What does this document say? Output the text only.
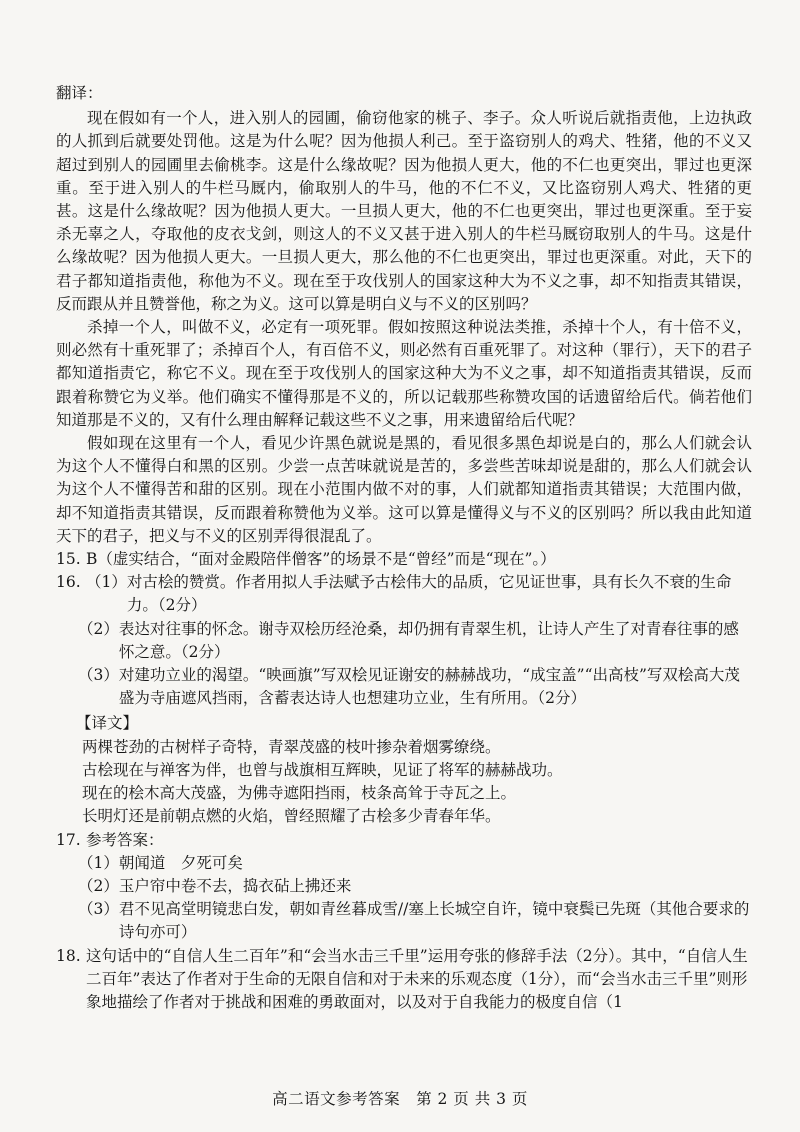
翻译：

现在假如有一个人，进入别人的园圃，偷窃他家的桃子、李子。众人听说后就指责他，上边执政的人抓到后就要处罚他。这是为什么呢？因为他损人利己。至于盗窃别人的鸡犬、牲猪，他的不义又超过到别人的园圃里去偷桃李。这是什么缘故呢？因为他损人更大，他的不仁也更突出，罪过也更深重。至于进入别人的牛栏马厩内，偷取别人的牛马，他的不仁不义，又比盗窃别人鸡犬、牲猪的更甚。这是什么缘故呢？因为他损人更大。一旦损人更大，他的不仁也更突出，罪过也更深重。至于妄杀无辜之人，夺取他的皮衣戈剑，则这人的不义又甚于进入别人的牛栏马厩窃取别人的牛马。这是什么缘故呢？因为他损人更大。一旦损人更大，那么他的不仁也更突出，罪过也更深重。对此，天下的君子都知道指责他，称他为不义。现在至于攻伐别人的国家这种大为不义之事，却不知指责其错误，反而跟从并且赞誉他，称之为义。这可以算是明白义与不义的区别吗？

杀掉一个人，叫做不义，必定有一项死罪。假如按照这种说法类推，杀掉十个人，有十倍不义，则必然有十重死罪了；杀掉百个人，有百倍不义，则必然有百重死罪了。对这种（罪行），天下的君子都知道指责它，称它不义。现在至于攻伐别人的国家这种大为不义之事，却不知道指责其错误，反而跟着称赞它为义举。他们确实不懂得那是不义的，所以记载那些称赞攻国的话遗留给后代。倘若他们知道那是不义的，又有什么理由解释记载这些不义之事，用来遗留给后代呢？

假如现在这里有一个人，看见少许黑色就说是黑的，看见很多黑色却说是白的，那么人们就会认为这个人不懂得白和黑的区别。少尝一点苦味就说是苦的，多尝些苦味却说是甜的，那么人们就会认为这个人不懂得苦和甜的区别。现在小范围内做不对的事，人们就都知道指责其错误；大范围内做，却不知道指责其错误，反而跟着称赞他为义举。这可以算是懂得义与不义的区别吗？所以我由此知道天下的君子，把义与不义的区别弄得很混乱了。

15. B（虚实结合，“面对金殿陪伴僧客”的场景不是“曾经”而是“现在”。）
16. （1） 对古桧的赞赏。作者用拟人手法赋予古桧伟大的品质，它见证世事，具有长久不衰的生命力。（2分）
（2） 表达对往事的怀念。谢寺双桧历经沧桑，却仍拥有青翠生机，让诗人产生了对青春往事的感怀之意。（2分）
（3） 对建功立业的渴望。“映画旗”写双桧见证谢安的赫赫战功，“成宝盖”“出高枝”写双桧高大茂盛为寺庙遮风挡雨，含蓄表达诗人也想建功立业，生有所用。（2分）

【译文】

两棵苍劲的古树样子奇特，青翠茂盛的枝叶掺杂着烟雾缭绕。

古桧现在与禅客为伴，也曾与战旗相互辉映，见证了将军的赫赫战功。

现在的桧木高大茂盛，为佛寺遮阳挡雨，枝条高耸于寺瓦之上。

长明灯还是前朝点燃的火焰，曾经照耀了古桧多少青春年华。

17. 参考答案：
（1） 朝闻道　夕死可矣
（2） 玉户帘中卷不去，捣衣砧上拂还来
（3） 君不见高堂明镜悲白发，朝如青丝暮成雪//塞上长城空自许，镜中衰鬓已先斑（其他合要求的诗句亦可）
18. 这句话中的“自信人生二百年”和“会当水击三千里”运用夸张的修辞手法（2分）。其中，“自信人生二百年”表达了作者对于生命的无限自信和对于未来的乐观态度（1分），而“会当水击三千里”则形象地描绘了作者对于挑战和困难的勇敢面对，以及对于自我能力的极度自信（1
高二语文参考答案　第 2 页 共 3 页
